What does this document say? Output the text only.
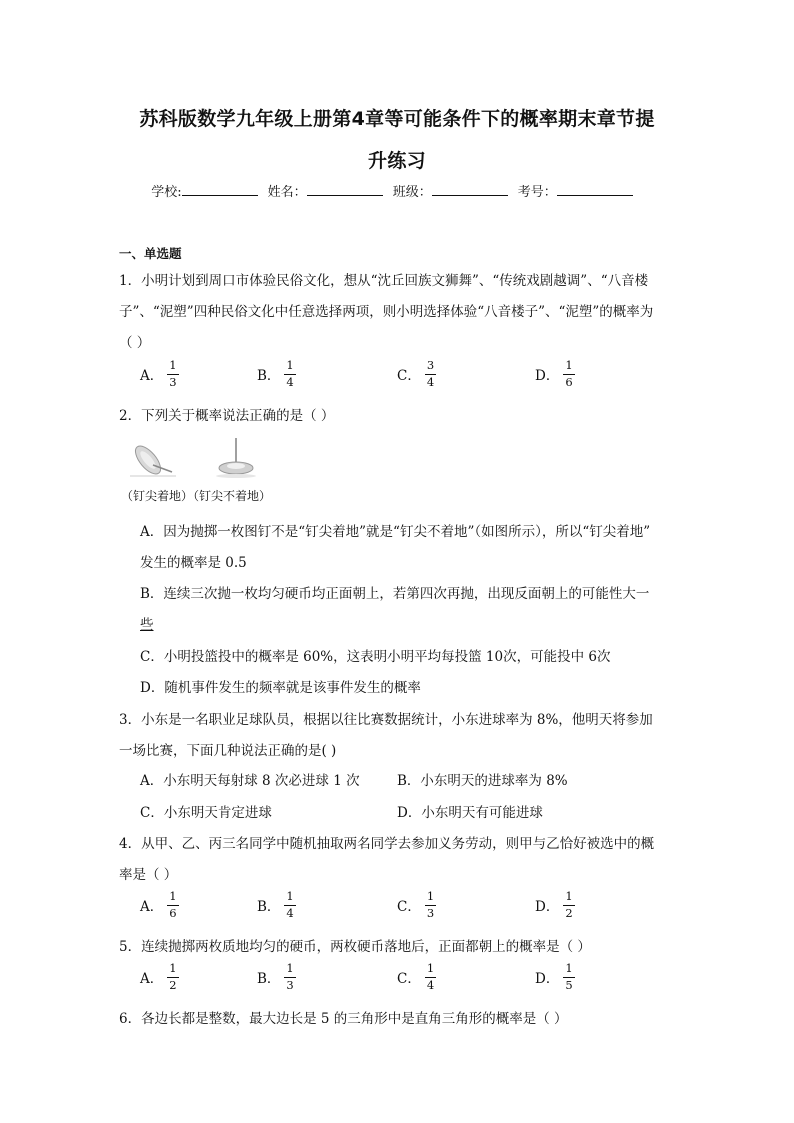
苏科版数学九年级上册第4章等可能条件下的概率期末章节提
升练习
学校:	姓名：	班级：	考号：
一、单选题
1．小明计划到周口市体验民俗文化，想从“沈丘回族文狮舞”、“传统戏剧越调”、“八音楼
子”、“泥塑”四种民俗文化中任意选择两项，则小明选择体验“八音楼子”、“泥塑”的概率为
（ ）
A． $\frac{1}{3}$	B． $\frac{1}{4}$	C． $\frac{3}{4}$	D． $\frac{1}{6}$
2．下列关于概率说法正确的是（ ）
（钉尖着地）（钉尖不着地）
A．因为抛掷一枚图钉不是“钉尖着地”就是“钉尖不着地”（如图所示），所以“钉尖着地”
发生的概率是 0.5
B．连续三次抛一枚均匀硬币均正面朝上，若第四次再抛，出现反面朝上的可能性大一
些
C．小明投篮投中的概率是 60%，这表明小明平均每投篮 10次，可能投中 6次
D．随机事件发生的频率就是该事件发生的概率
3．小东是一名职业足球队员，根据以往比赛数据统计，小东进球率为 8%，他明天将参加
一场比赛，下面几种说法正确的是( )
A．小东明天每射球 8 次必进球 1 次	B．小东明天的进球率为 8%
C．小东明天肯定进球	D．小东明天有可能进球
4．从甲、乙、丙三名同学中随机抽取两名同学去参加义务劳动，则甲与乙恰好被选中的概
率是（ ）
A． $\frac{1}{6}$	B． $\frac{1}{4}$	C． $\frac{1}{3}$	D． $\frac{1}{2}$
5．连续抛掷两枚质地均匀的硬币，两枚硬币落地后，正面都朝上的概率是（ ）
A． $\frac{1}{2}$	B． $\frac{1}{3}$	C． $\frac{1}{4}$	D． $\frac{1}{5}$
6．各边长都是整数，最大边长是 5 的三角形中是直角三角形的概率是（ ）
